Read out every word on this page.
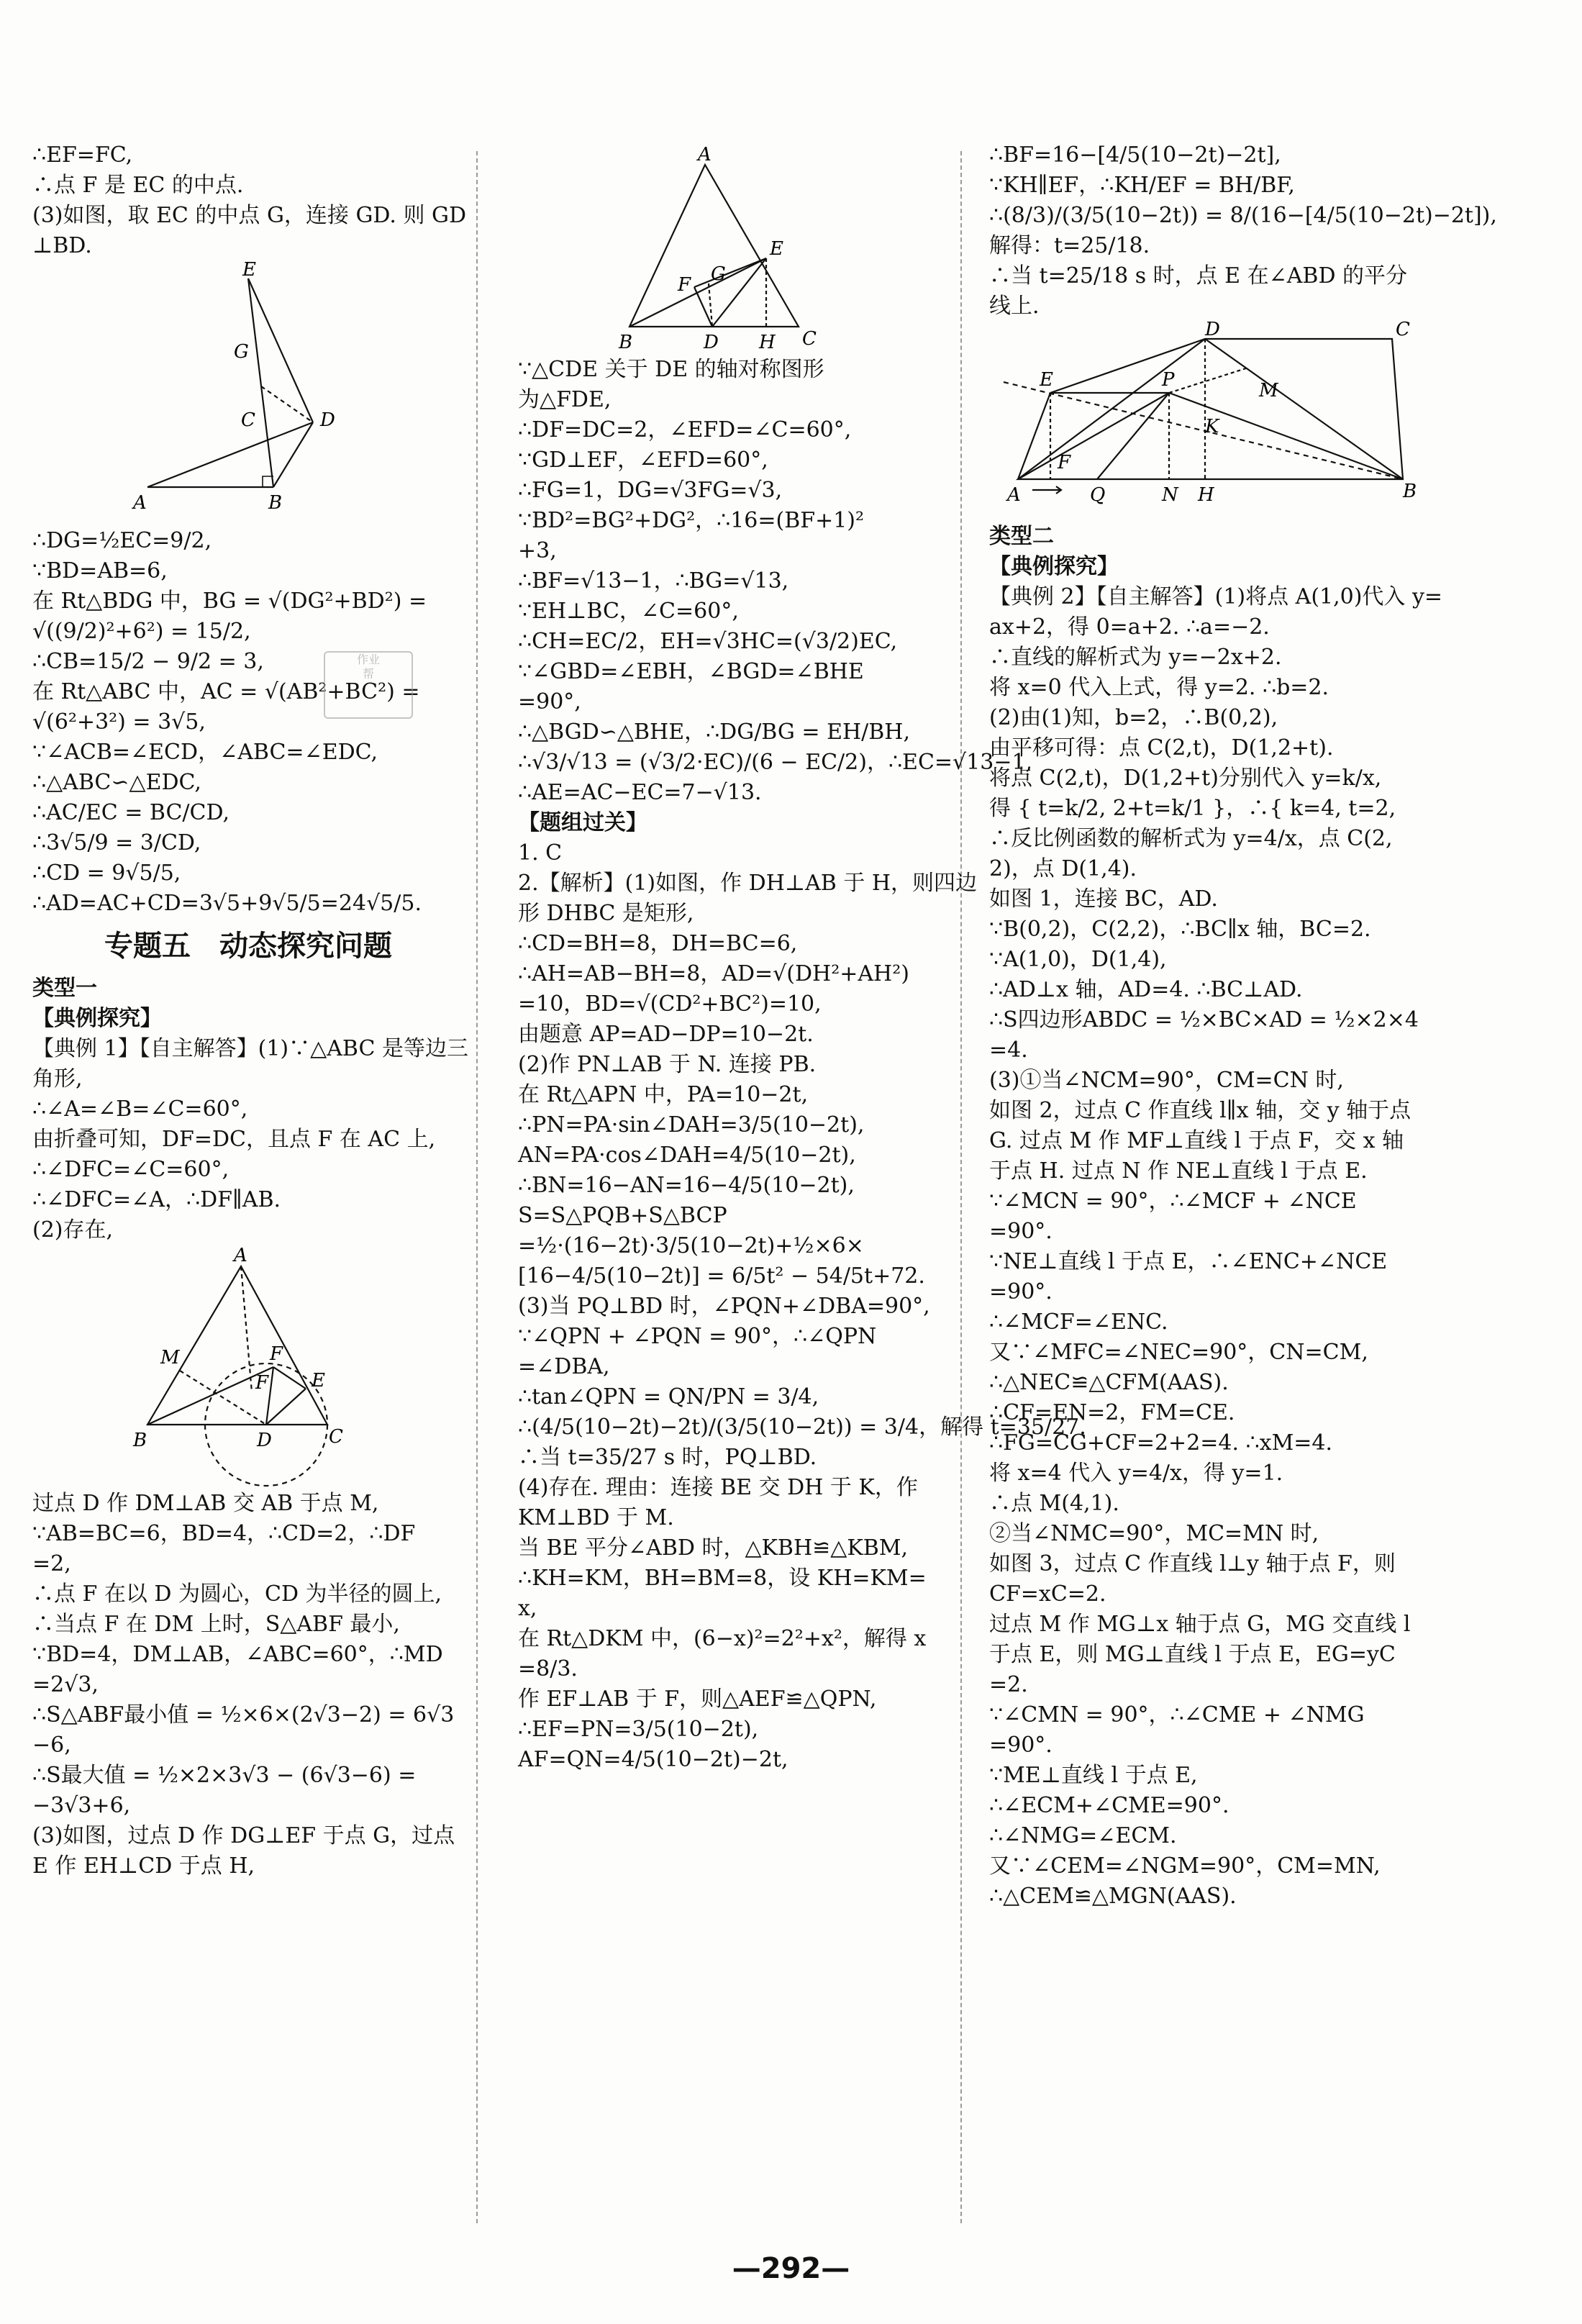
∴EF=FC,
∴点 F 是 EC 的中点.
(3)如图，取 EC 的中点 G，连接 GD. 则 GD
⊥BD.
E
G
D
C
A	B
∴DG=½EC=9/2,
∵BD=AB=6,
在 Rt△BDG 中，BG = √(DG²+BD²) =
√((9/2)²+6²) = 15/2,
∴CB=15/2 − 9/2 = 3,
在 Rt△ABC 中，AC = √(AB²+BC²) =
√(6²+3²) = 3√5,
∵∠ACB=∠ECD，∠ABC=∠EDC,
∴△ABC∽△EDC,
∴AC/EC = BC/CD,
∴3√5/9 = 3/CD,
∴CD = 9√5/5,
∴AD=AC+CD=3√5+9√5/5=24√5/5.
专题五　动态探究问题
类型一
【典例探究】
【典例 1】【自主解答】(1)∵△ABC 是等边三
角形,
∴∠A=∠B=∠C=60°,
由折叠可知，DF=DC，且点 F 在 AC 上,
∴∠DFC=∠C=60°,
∴∠DFC=∠A，∴DF∥AB.
(2)存在,
A
M
F
F
E
B	D	C
过点 D 作 DM⊥AB 交 AB 于点 M,
∵AB=BC=6，BD=4，∴CD=2，∴DF
=2,
∴点 F 在以 D 为圆心，CD 为半径的圆上,
∴当点 F 在 DM 上时，S△ABF 最小,
∵BD=4，DM⊥AB，∠ABC=60°，∴MD
=2√3,
∴S△ABF最小值 = ½×6×(2√3−2) = 6√3
−6,
∴S最大值 = ½×2×3√3 − (6√3−6) =
−3√3+6,
(3)如图，过点 D 作 DG⊥EF 于点 G，过点
E 作 EH⊥CD 于点 H,
作业
帮
A
E
G
F
B	D H C
∵△CDE 关于 DE 的轴对称图形
为△FDE,
∴DF=DC=2，∠EFD=∠C=60°,
∵GD⊥EF，∠EFD=60°,
∴FG=1，DG=√3FG=√3,
∵BD²=BG²+DG²，∴16=(BF+1)²
+3,
∴BF=√13−1，∴BG=√13,
∵EH⊥BC，∠C=60°,
∴CH=EC/2，EH=√3HC=(√3/2)EC,
∵∠GBD=∠EBH，∠BGD=∠BHE
=90°,
∴△BGD∽△BHE，∴DG/BG = EH/BH,
∴√3/√13 = (√3/2·EC)/(6 − EC/2)，∴EC=√13−1,
∴AE=AC−EC=7−√13.
【题组过关】
1. C
2.【解析】(1)如图，作 DH⊥AB 于 H，则四边
形 DHBC 是矩形,
∴CD=BH=8，DH=BC=6,
∴AH=AB−BH=8，AD=√(DH²+AH²)
=10，BD=√(CD²+BC²)=10,
由题意 AP=AD−DP=10−2t.
(2)作 PN⊥AB 于 N. 连接 PB.
在 Rt△APN 中，PA=10−2t,
∴PN=PA·sin∠DAH=3/5(10−2t),
AN=PA·cos∠DAH=4/5(10−2t),
∴BN=16−AN=16−4/5(10−2t),
S=S△PQB+S△BCP
=½·(16−2t)·3/5(10−2t)+½×6×
[16−4/5(10−2t)] = 6/5t² − 54/5t+72.
(3)当 PQ⊥BD 时，∠PQN+∠DBA=90°,
∵∠QPN + ∠PQN = 90°，∴∠QPN
=∠DBA,
∴tan∠QPN = QN/PN = 3/4,
∴(4/5(10−2t)−2t)/(3/5(10−2t)) = 3/4，解得 t=35/27.
∴当 t=35/27 s 时，PQ⊥BD.
(4)存在. 理由：连接 BE 交 DH 于 K，作
KM⊥BD 于 M.
当 BE 平分∠ABD 时，△KBH≌△KBM,
∴KH=KM，BH=BM=8，设 KH=KM=
x,
在 Rt△DKM 中，(6−x)²=2²+x²，解得 x
=8/3.
作 EF⊥AB 于 F，则△AEF≌△QPN,
∴EF=PN=3/5(10−2t),
AF=QN=4/5(10−2t)−2t,
∴BF=16−[4/5(10−2t)−2t],
∵KH∥EF，∴KH/EF = BH/BF,
∴(8/3)/(3/5(10−2t)) = 8/(16−[4/5(10−2t)−2t]),
解得：t=25/18.
∴当 t=25/18 s 时，点 E 在∠ABD 的平分
线上.
D	C
E	P	M
K
F
A	Q	N H	B
类型二
【典例探究】
【典例 2】【自主解答】(1)将点 A(1,0)代入 y=
ax+2，得 0=a+2. ∴a=−2.
∴直线的解析式为 y=−2x+2.
将 x=0 代入上式，得 y=2. ∴b=2.
(2)由(1)知，b=2，∴B(0,2),
由平移可得：点 C(2,t)，D(1,2+t).
将点 C(2,t)，D(1,2+t)分别代入 y=k/x,
得 { t=k/2, 2+t=k/1 }，∴{ k=4, t=2,
∴反比例函数的解析式为 y=4/x，点 C(2,
2)，点 D(1,4).
如图 1，连接 BC，AD.
∵B(0,2)，C(2,2)，∴BC∥x 轴，BC=2.
∵A(1,0)，D(1,4),
∴AD⊥x 轴，AD=4. ∴BC⊥AD.
∴S四边形ABDC = ½×BC×AD = ½×2×4
=4.
(3)①当∠NCM=90°，CM=CN 时,
如图 2，过点 C 作直线 l∥x 轴，交 y 轴于点
G. 过点 M 作 MF⊥直线 l 于点 F，交 x 轴
于点 H. 过点 N 作 NE⊥直线 l 于点 E.
∵∠MCN = 90°，∴∠MCF + ∠NCE
=90°.
∵NE⊥直线 l 于点 E，∴∠ENC+∠NCE
=90°.
∴∠MCF=∠ENC.
又∵∠MFC=∠NEC=90°，CN=CM,
∴△NEC≌△CFM(AAS).
∴CF=EN=2，FM=CE.
∴FG=CG+CF=2+2=4. ∴xM=4.
将 x=4 代入 y=4/x，得 y=1.
∴点 M(4,1).
②当∠NMC=90°，MC=MN 时,
如图 3，过点 C 作直线 l⊥y 轴于点 F，则
CF=xC=2.
过点 M 作 MG⊥x 轴于点 G，MG 交直线 l
于点 E，则 MG⊥直线 l 于点 E，EG=yC
=2.
∵∠CMN = 90°，∴∠CME + ∠NMG
=90°.
∵ME⊥直线 l 于点 E,
∴∠ECM+∠CME=90°.
∴∠NMG=∠ECM.
又∵∠CEM=∠NGM=90°，CM=MN,
∴△CEM≌△MGN(AAS).
—292—
